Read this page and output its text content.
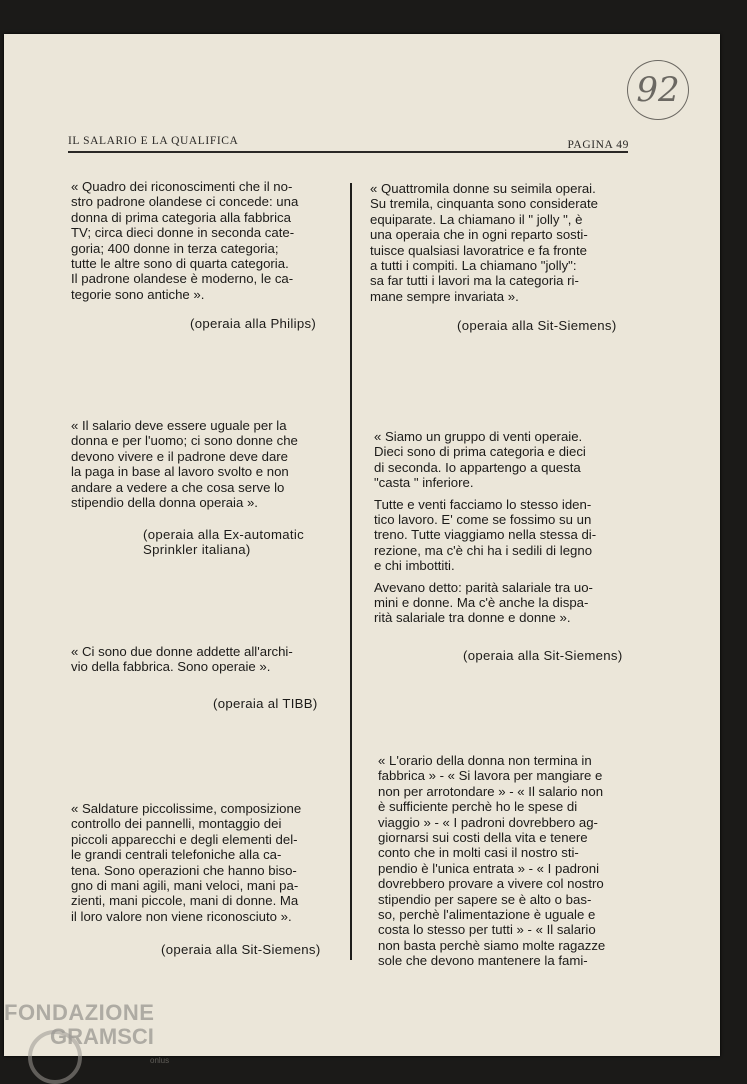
92
IL SALARIO E LA QUALIFICA	PAGINA 49
« Quadro dei riconoscimenti che il no-
stro padrone olandese ci concede: una
donna di prima categoria alla fabbrica
TV; circa dieci donne in seconda cate-
goria; 400 donne in terza categoria;
tutte le altre sono di quarta categoria.
Il padrone olandese è moderno, le ca-
tegorie sono antiche ».
(operaia alla Philips)
« Il salario deve essere uguale per la
donna e per l'uomo; ci sono donne che
devono vivere e il padrone deve dare
la paga in base al lavoro svolto e non
andare a vedere a che cosa serve lo
stipendio della donna operaia ».
(operaia alla Ex-automatic
Sprinkler italiana)
« Ci sono due donne addette all'archi-
vio della fabbrica. Sono operaie ».
(operaia al TIBB)
« Saldature piccolissime, composizione
controllo dei pannelli, montaggio dei
piccoli apparecchi e degli elementi del-
le grandi centrali telefoniche alla ca-
tena. Sono operazioni che hanno biso-
gno di mani agili, mani veloci, mani pa-
zienti, mani piccole, mani di donne. Ma
il loro valore non viene riconosciuto ».
(operaia alla Sit-Siemens)
« Quattromila donne su seimila operai.
Su tremila, cinquanta sono considerate
equiparate. La chiamano il " jolly ", è
una operaia che in ogni reparto sosti-
tuisce qualsiasi lavoratrice e fa fronte
a tutti i compiti. La chiamano "jolly":
sa far tutti i lavori ma la categoria ri-
mane sempre invariata ».
(operaia alla Sit-Siemens)
« Siamo un gruppo di venti operaie.
Dieci sono di prima categoria e dieci
di seconda. Io appartengo a questa
"casta " inferiore.
Tutte e venti facciamo lo stesso iden-
tico lavoro. E' come se fossimo su un
treno. Tutte viaggiamo nella stessa di-
rezione, ma c'è chi ha i sedili di legno
e chi imbottiti.
Avevano detto: parità salariale tra uo-
mini e donne. Ma c'è anche la dispa-
rità salariale tra donne e donne ».
(operaia alla Sit-Siemens)
« L'orario della donna non termina in
fabbrica » - « Si lavora per mangiare e
non per arrotondare » - « Il salario non
è sufficiente perchè ho le spese di
viaggio » - « I padroni dovrebbero ag-
giornarsi sui costi della vita e tenere
conto che in molti casi il nostro sti-
pendio è l'unica entrata » - « I padroni
dovrebbero provare a vivere col nostro
stipendio per sapere se è alto o bas-
so, perchè l'alimentazione è uguale e
costa lo stesso per tutti » - « Il salario
non basta perchè siamo molte ragazze
sole che devono mantenere la fami-
FONDAZIONE
GRAMSCI
onlus
